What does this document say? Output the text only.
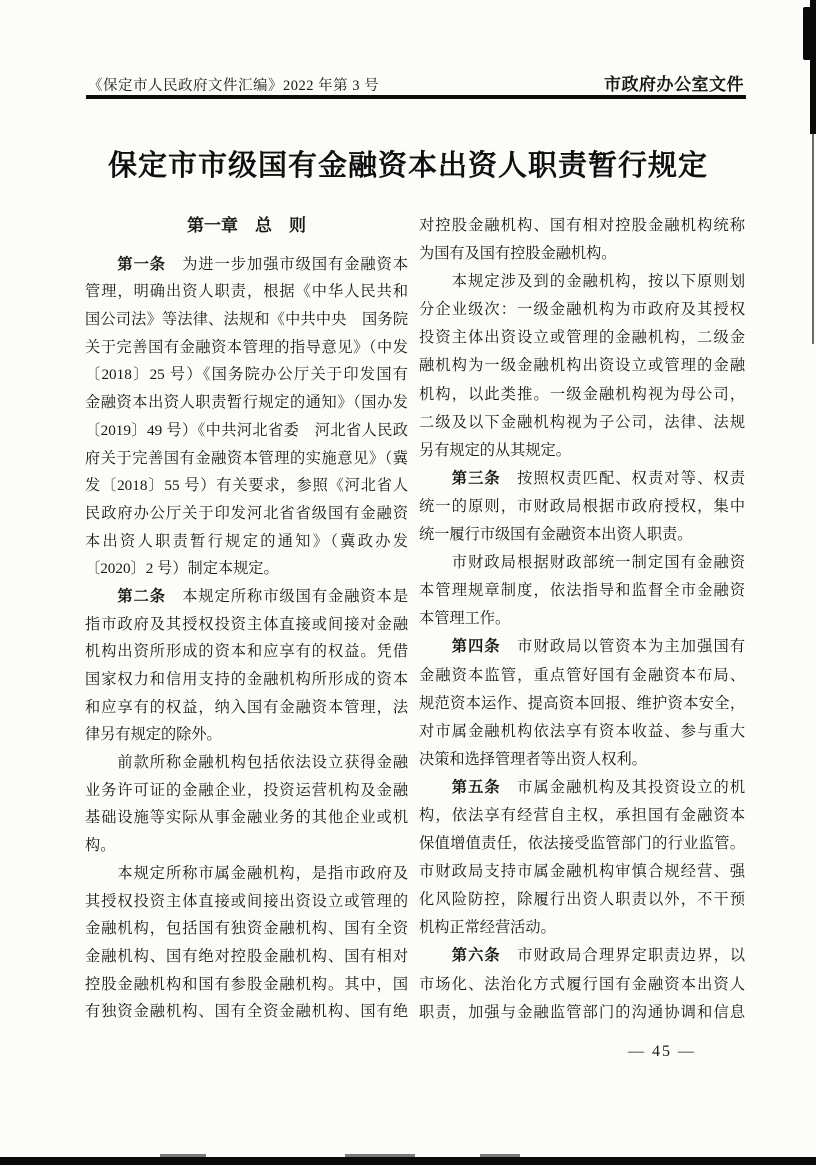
《保定市人民政府文件汇编》2022 年第 3 号	市政府办公室文件
保定市市级国有金融资本出资人职责暂行规定
第一章　总　则
　　第一条　为进一步加强市级国有金融资本
管理，明确出资人职责，根据《中华人民共和
国公司法》等法律、法规和《中共中央　国务院
关于完善国有金融资本管理的指导意见》（中发
〔2018〕25 号）《国务院办公厅关于印发国有
金融资本出资人职责暂行规定的通知》（国办发
〔2019〕49 号）《中共河北省委　河北省人民政
府关于完善国有金融资本管理的实施意见》（冀
发〔2018〕55 号）有关要求，参照《河北省人
民政府办公厅关于印发河北省省级国有金融资
本出资人职责暂行规定的通知》（冀政办发
〔2020〕2 号）制定本规定。
　　第二条　本规定所称市级国有金融资本是
指市政府及其授权投资主体直接或间接对金融
机构出资所形成的资本和应享有的权益。凭借
国家权力和信用支持的金融机构所形成的资本
和应享有的权益，纳入国有金融资本管理，法
律另有规定的除外。
　　前款所称金融机构包括依法设立获得金融
业务许可证的金融企业，投资运营机构及金融
基础设施等实际从事金融业务的其他企业或机
构。
　　本规定所称市属金融机构，是指市政府及
其授权投资主体直接或间接出资设立或管理的
金融机构，包括国有独资金融机构、国有全资
金融机构、国有绝对控股金融机构、国有相对
控股金融机构和国有参股金融机构。其中，国
有独资金融机构、国有全资金融机构、国有绝
对控股金融机构、国有相对控股金融机构统称
为国有及国有控股金融机构。
　　本规定涉及到的金融机构，按以下原则划
分企业级次：一级金融机构为市政府及其授权
投资主体出资设立或管理的金融机构，二级金
融机构为一级金融机构出资设立或管理的金融
机构，以此类推。一级金融机构视为母公司，
二级及以下金融机构视为子公司，法律、法规
另有规定的从其规定。
　　第三条　按照权责匹配、权责对等、权责
统一的原则，市财政局根据市政府授权，集中
统一履行市级国有金融资本出资人职责。
　　市财政局根据财政部统一制定国有金融资
本管理规章制度，依法指导和监督全市金融资
本管理工作。
　　第四条　市财政局以管资本为主加强国有
金融资本监管，重点管好国有金融资本布局、
规范资本运作、提高资本回报、维护资本安全，
对市属金融机构依法享有资本收益、参与重大
决策和选择管理者等出资人权利。
　　第五条　市属金融机构及其投资设立的机
构，依法享有经营自主权，承担国有金融资本
保值增值责任，依法接受监管部门的行业监管。
市财政局支持市属金融机构审慎合规经营、强
化风险防控，除履行出资人职责以外，不干预
机构正常经营活动。
　　第六条　市财政局合理界定职责边界，以
市场化、法治化方式履行国有金融资本出资人
职责，加强与金融监管部门的沟通协调和信息
— 45 —
